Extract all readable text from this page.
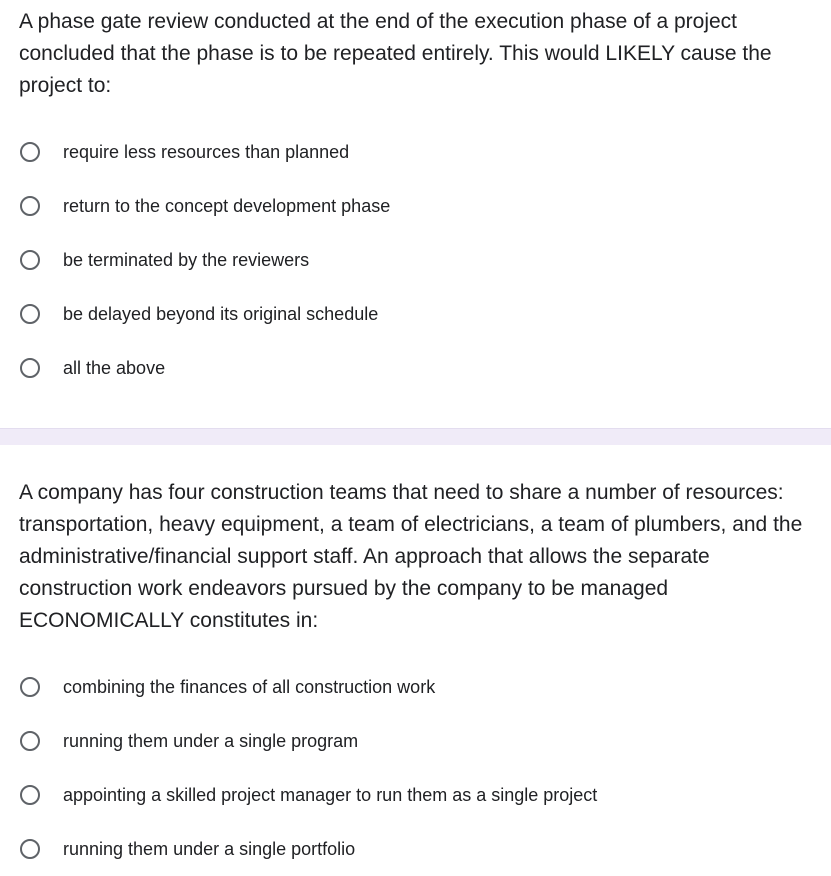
A phase gate review conducted at the end of the execution phase of a project concluded that the phase is to be repeated entirely. This would LIKELY cause the project to:

require less resources than planned
return to the concept development phase
be terminated by the reviewers
be delayed beyond its original schedule
all the above

A company has four construction teams that need to share a number of resources: transportation, heavy equipment, a team of electricians, a team of plumbers, and the administrative/financial support staff. An approach that allows the separate construction work endeavors pursued by the company to be managed ECONOMICALLY constitutes in:

combining the finances of all construction work
running them under a single program
appointing a skilled project manager to run them as a single project
running them under a single portfolio
